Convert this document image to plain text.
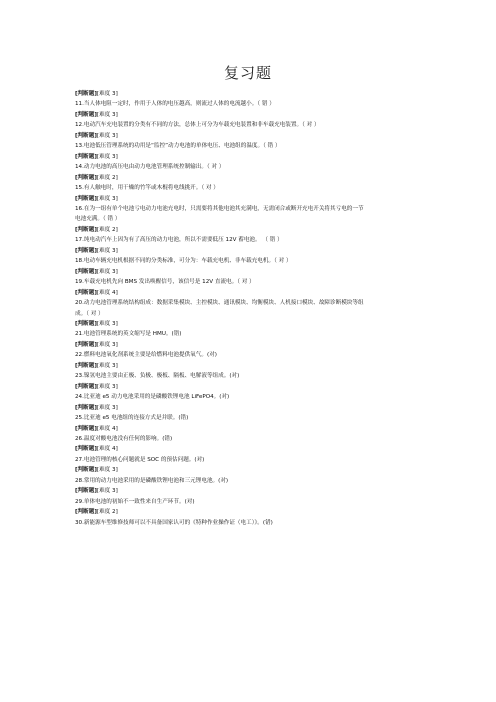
复习题
[判断题][难度 3]
11.当人体电阻一定时，作用于人体的电压越高，则流过人体的电流越小。（ 错 ）
[判断题][难度 3]
12.电动汽车充电装置的分类有不同的方法，总体上可分为车载充电装置和非车载充电装置。（ 对 ）
[判断题][难度 3]
13.电池低压管理系统的功用是“监控”动力电池的单体电压、电池组的温度。（ 错 ）
[判断题][难度 3]
14.动力电池的高压电由动力电池管理系统控制输出。（ 对 ）
[判断题][难度 2]
15.有人触电时，用干燥的竹竿或木棍将电线挑开。（ 对 ）
[判断题][难度 3]
16.在为一组有单个电池亏电动力电池充电时，只需要将其他电池其充满电，无需闭合或断开充电开关将其亏电的一节
电池充满。（ 错 ）
[判断题][难度 2]
17.纯电动汽车上因为有了高压的动力电池，所以不需要低压 12V 蓄电池。 （ 错 ）
[判断题][难度 3]
18.电动车辆充电机根据不同的分类标准，可分为：车载充电机、非车载充电机。（ 对 ）
[判断题][难度 3]
19.车载充电机先向 BMS 发出唤醒信号，该信号是 12V 直流电。（ 对 ）
[判断题][难度 4]
20.动力电池管理系统结构组成：数据采集模块、主控模块、通讯模块、均衡模块、人机接口模块、故障诊断模块等组
成。（ 对 ）
[判断题][难度 3]
21.电池管理系统的英文缩写是 HMU。(错)
[判断题][难度 3]
22.燃料电池氧化剂系统主要是给燃料电池提供氧气。(对)
[判断题][难度 3]
23.镍氢电池主要由正极、负极、极板、隔板、电解液等组成。(对)
[判断题][难度 3]
24.比亚迪 e5 动力电池采用的是磷酸铁锂电池 LiFePO4。(对)
[判断题][难度 3]
25.比亚迪 e5 电池组的连接方式是并联。(错)
[判断题][难度 4]
26.温度对酸电池没有任何的影响。(错)
[判断题][难度 4]
27.电池管理的核心问题就是 SOC 的预估问题。(对)
[判断题][难度 3]
28.常用的动力电池采用的是磷酸铁锂电池和三元锂电池。(对)
[判断题][难度 3]
29.单体电池的初始不一致性来自生产环节。(对)
[判断题][难度 2]
30.新能源车型维修技师可以不具备国家认可的《特种作业操作证（电工）》。(错)
